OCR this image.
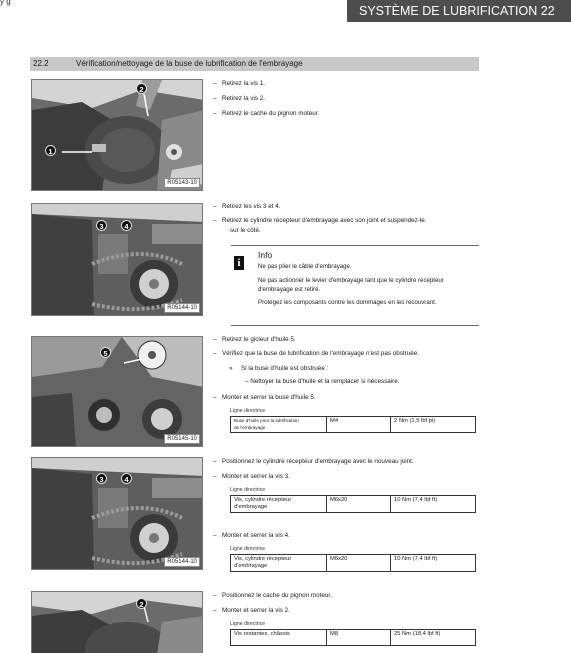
y g
SYSTÈME DE LUBRIFICATION 22
22.2	Vérification/nettoyage de la buse de lubrification de l'embrayage
R05143-10
1
2
– Retirez la vis 1.
– Retirez la vis 2.
– Retirez le cache du pignon moteur.
R05144-10
3	4
– Retirez les vis 3 et 4.
– Retirez le cylindre récepteur d'embrayage avec son joint et suspendez-le.
sur le côté.
i
Info
Ne pas plier le câble d'embrayage.
Ne pas actionner le levier d'embrayage tant que le cylindre récepteur
d'embrayage est retiré.
Protégez les composants contre les dommages en les recouvrant.
R05145-10
5
– Retirez le gicleur d'huile 5.
– Vérifiez que la buse de lubrification de l'embrayage n'est pas obstruée.
» Si la buse d'huile est obstruée :
– Nettoyer la buse d'huile et la remplacer si nécessaire.
– Monter et serrer la buse d'huile 5.
Ligne directrice
Buse d'huile pour la lubrification
de l'embrayage	M4	2 Nm (1,5 lbf pi)
R05144-10
3	4
– Positionnez le cylindre récepteur d'embrayage avec le nouveau joint.
– Monter et serrer la vis 3.
Ligne directrice
Vis, cylindre récepteur
d'embrayage	M6x20	10 Nm (7,4 lbf ft)
– Monter et serrer la vis 4.
Ligne directrice
Vis, cylindre récepteur
d'embrayage	M6x20	10 Nm (7,4 lbf ft)
2
– Positionnez le cache du pignon moteur.
– Monter et serrer la vis 2.
Ligne directrice
Vis restantes, châssis	M8	25 Nm (18,4 lbf ft)
